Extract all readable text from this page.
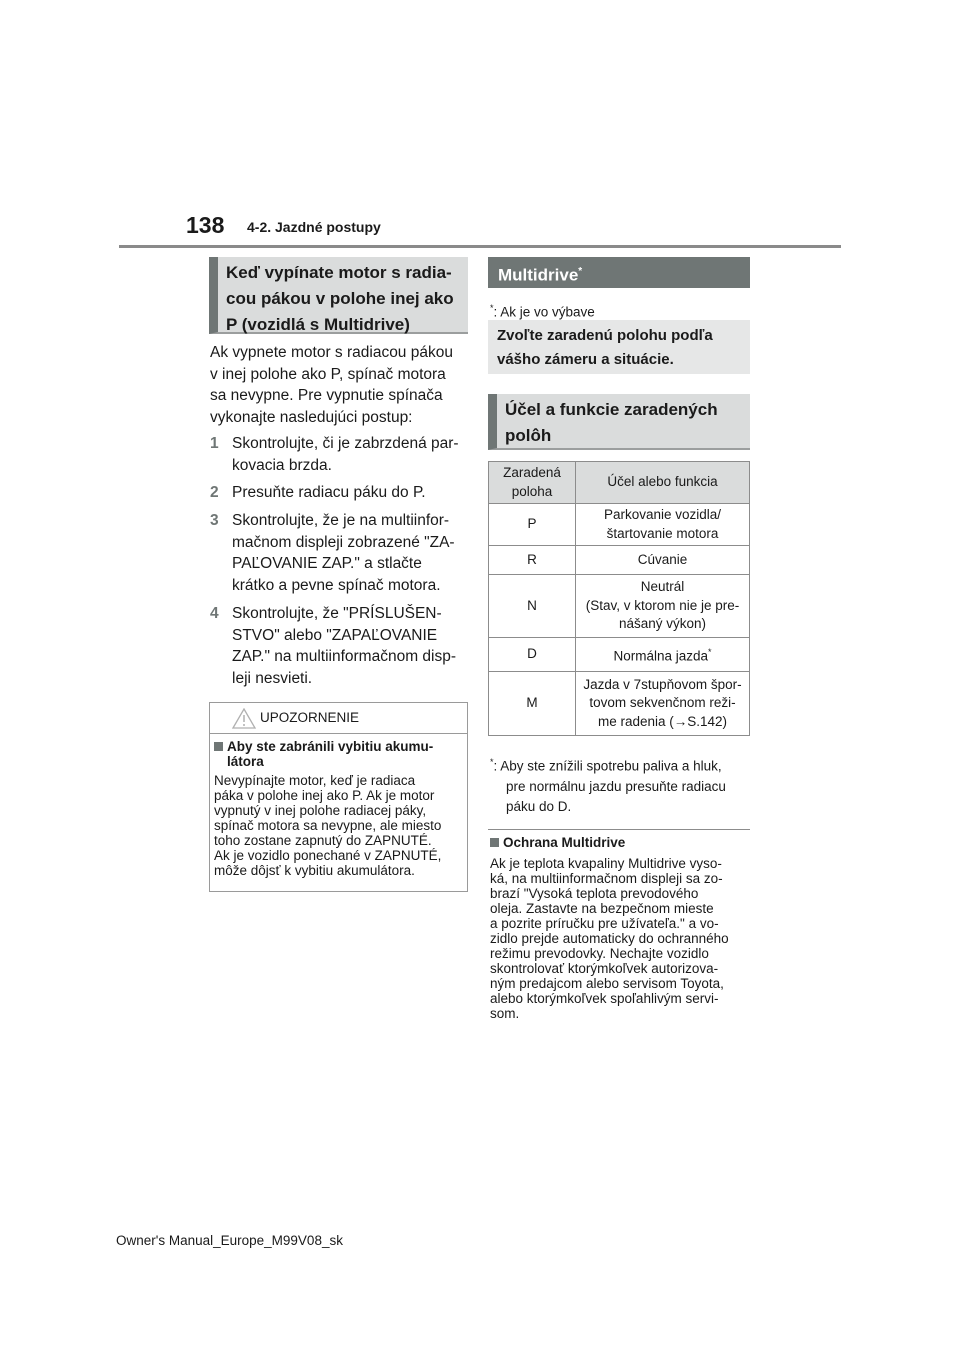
138 4-2. Jazdné postupy
Keď vypínate motor s radia-
cou pákou v polohe inej ako
P (vozidlá s Multidrive)
Ak vypnete motor s radiacou pákou
v inej polohe ako P, spínač motora
sa nevypne. Pre vypnutie spínača
vykonajte nasledujúci postup:
1 Skontrolujte, či je zabrzdená par-
kovacia brzda.
2 Presuňte radiacu páku do P.
3 Skontrolujte, že je na multiinfor-
mačnom displeji zobrazené "ZA-
PAĽOVANIE ZAP." a stlačte
krátko a pevne spínač motora.
4 Skontrolujte, že "PRÍSLUŠEN-
STVO" alebo "ZAPAĽOVANIE
ZAP." na multiinformačnom disp-
leji nesvieti.
UPOZORNENIE
Aby ste zabránili vybitiu akumu-
látora
Nevypínajte motor, keď je radiaca
páka v polohe inej ako P. Ak je motor
vypnutý v inej polohe radiacej páky,
spínač motora sa nevypne, ale miesto
toho zostane zapnutý do ZAPNUTÉ.
Ak je vozidlo ponechané v ZAPNUTÉ,
môže dôjsť k vybitiu akumulátora.
Multidrive*
*: Ak je vo výbave
Zvoľte zaradenú polohu podľa
vášho zámeru a situácie.
Účel a funkcie zaradených
polôh
Zaradená
poloha	Účel alebo funkcia

P	Parkovanie vozidla/
štartovanie motora

R	Cúvanie

N	Neutrál
(Stav, v ktorom nie je pre-
nášaný výkon)

D	Normálna jazda*
M	Jazda v 7stupňovom špor-
tovom sekvenčnom reži-
me radenia (→S.142)
*: Aby ste znížili spotrebu paliva a hluk,
pre normálnu jazdu presuňte radiacu
páku do D.
Ochrana Multidrive
Ak je teplota kvapaliny Multidrive vyso-
ká, na multiinformačnom displeji sa zo-
brazí "Vysoká teplota prevodového
oleja. Zastavte na bezpečnom mieste
a pozrite príručku pre užívateľa." a vo-
zidlo prejde automaticky do ochranného
režimu prevodovky. Nechajte vozidlo
skontrolovať ktorýmkoľvek autorizova-
ným predajcom alebo servisom Toyota,
alebo ktorýmkoľvek spoľahlivým servi-
som.
Owner's Manual_Europe_M99V08_sk
